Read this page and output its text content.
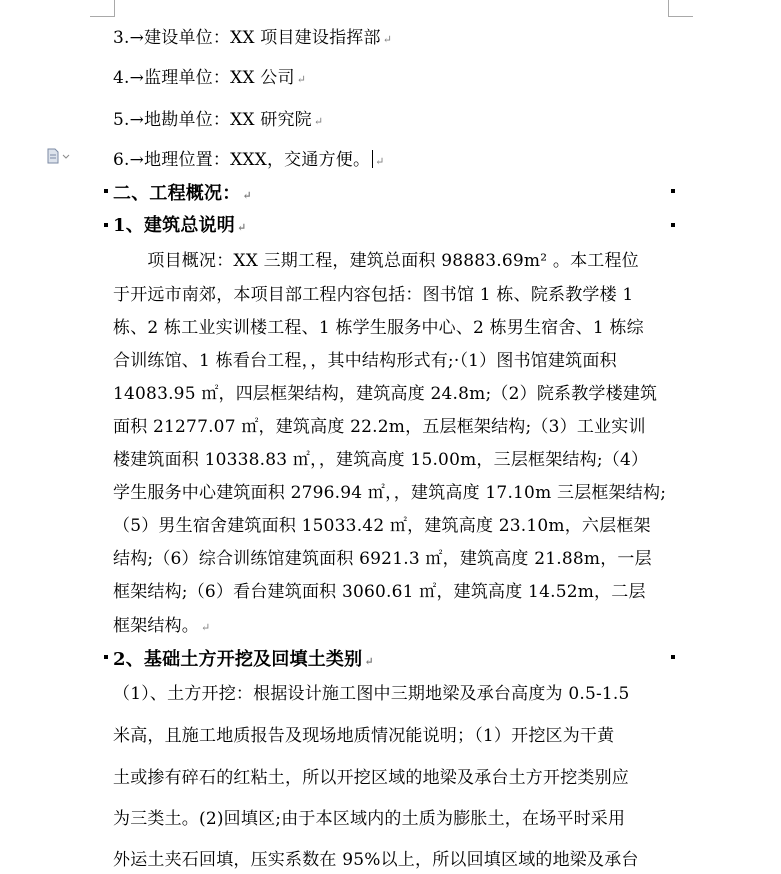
3.→建设单位：XX 项目建设指挥部 ↵
4.→监理单位：XX 公司 ↵
5.→地勘单位：XX 研究院 ↵
6.→地理位置：XXX，交通方便。 ↵
二、工程概况： ↵
1、建筑总说明 ↵
　　项目概况：XX 三期工程，建筑总面积 98883.69m² 。本工程位
于开远市南郊，本项目部工程内容包括：图书馆 1 栋、院系教学楼 1
栋、2 栋工业实训楼工程、1 栋学生服务中心、2 栋男生宿舍、1 栋综
合训练馆、1 栋看台工程，，其中结构形式有;·（1）图书馆建筑面积
14083.95 ㎡，四层框架结构，建筑高度 24.8m;（2）院系教学楼建筑
面积 21277.07 ㎡，建筑高度 22.2m，五层框架结构;（3）工业实训
楼建筑面积 10338.83 ㎡，，建筑高度 15.00m，三层框架结构;（4）
学生服务中心建筑面积 2796.94 ㎡，，建筑高度 17.10m 三层框架结构;
（5）男生宿舍建筑面积 15033.42 ㎡，建筑高度 23.10m，六层框架
结构;（6）综合训练馆建筑面积 6921.3 ㎡，建筑高度 21.88m，一层
框架结构;（6）看台建筑面积 3060.61 ㎡，建筑高度 14.52m，二层
框架结构。 ↵
2、基础土方开挖及回填土类别 ↵
（1）、土方开挖：根据设计施工图中三期地梁及承台高度为 0.5-1.5
米高，且施工地质报告及现场地质情况能说明；（1）开挖区为干黄
土或掺有碎石的红粘土，所以开挖区域的地梁及承台土方开挖类别应
为三类土。(2)回填区;由于本区域内的土质为膨胀土，在场平时采用
外运土夹石回填，压实系数在 95%以上，所以回填区域的地梁及承台
